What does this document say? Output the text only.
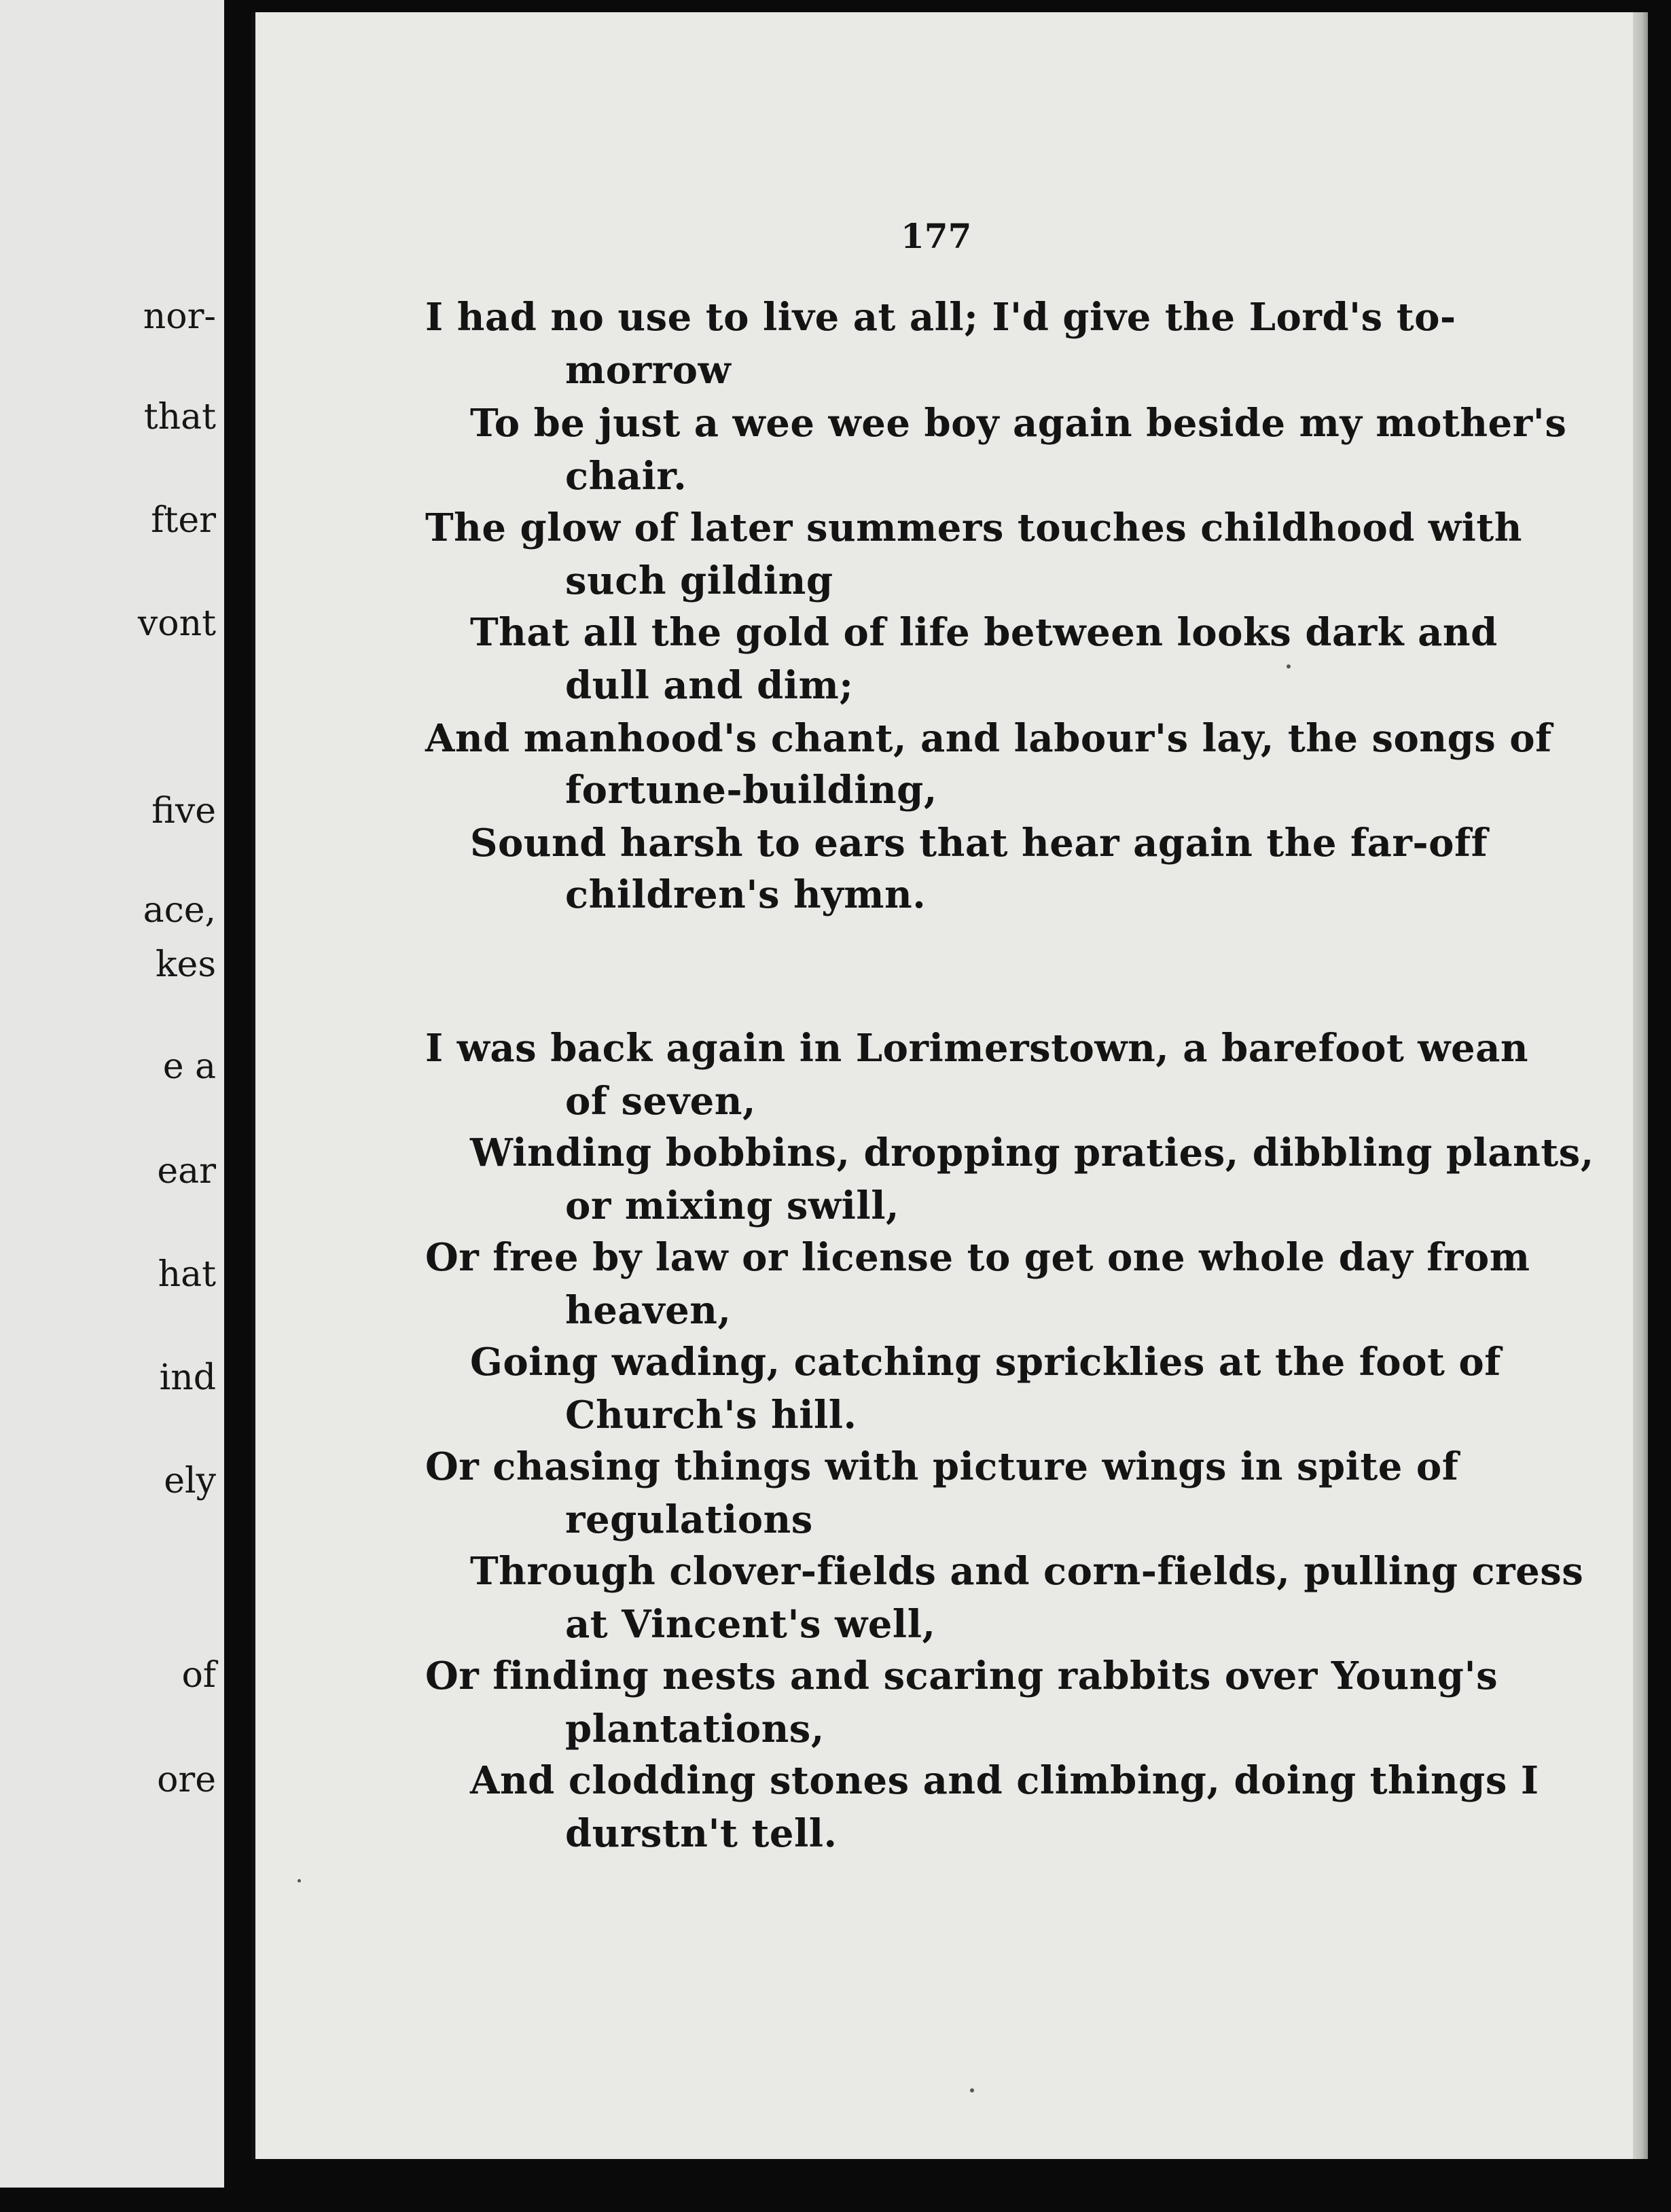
nor-
that
fter
vont
five
ace,
kes
e a
ear
hat
ind
ely
of
ore
177
I had no use to live at all; I'd give the Lord's to-
morrow
To be just a wee wee boy again beside my mother's
chair.
The glow of later summers touches childhood with
such gilding
That all the gold of life between looks dark and
dull and dim;
And manhood's chant, and labour's lay, the songs of
fortune-building,
Sound harsh to ears that hear again the far-off
children's hymn.
I was back again in Lorimerstown, a barefoot wean
of seven,
Winding bobbins, dropping praties, dibbling plants,
or mixing swill,
Or free by law or license to get one whole day from
heaven,
Going wading, catching spricklies at the foot of
Church's hill.
Or chasing things with picture wings in spite of
regulations
Through clover-fields and corn-fields, pulling cress
at Vincent's well,
Or finding nests and scaring rabbits over Young's
plantations,
And clodding stones and climbing, doing things I
durstn't tell.
